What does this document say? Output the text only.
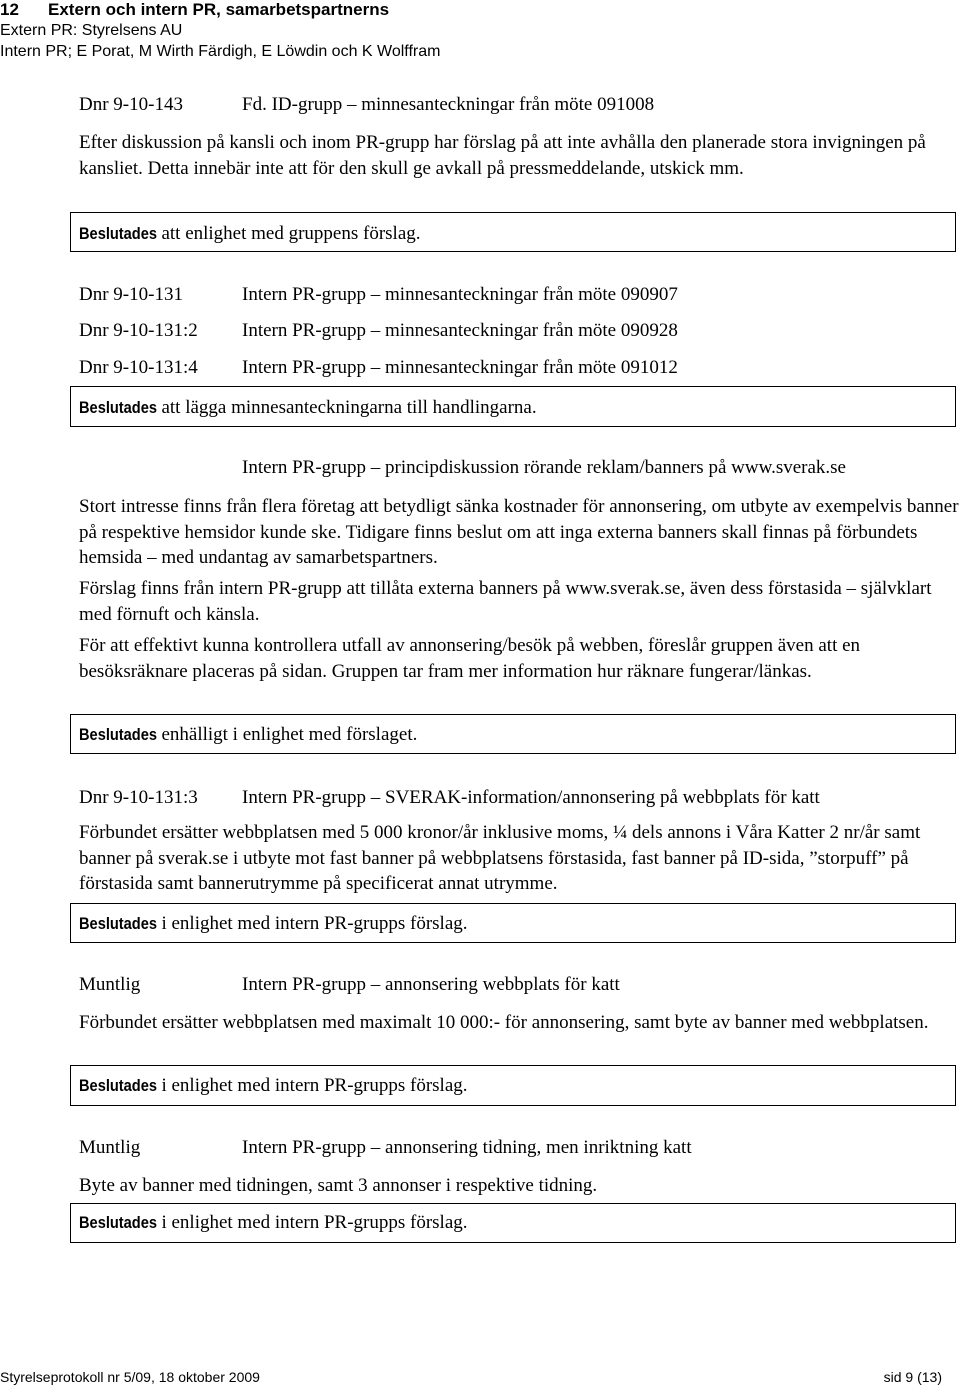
12 Extern och intern PR, samarbetspartnerns
Extern PR: Styrelsens AU
Intern PR; E Porat, M Wirth Färdigh, E Löwdin och K Wolffram
Dnr 9-10-143	Fd. ID-grupp – minnesanteckningar från möte 091008
Efter diskussion på kansli och inom PR-grupp har förslag på att inte avhålla den planerade stora invigningen på kansliet. Detta innebär inte att för den skull ge avkall på pressmeddelande, utskick mm.
Beslutades att enlighet med gruppens förslag.
Dnr 9-10-131	Intern PR-grupp – minnesanteckningar från möte 090907
Dnr 9-10-131:2 Intern PR-grupp – minnesanteckningar från möte 090928
Dnr 9-10-131:4 Intern PR-grupp – minnesanteckningar från möte 091012
Beslutades att lägga minnesanteckningarna till handlingarna.
Intern PR-grupp – principdiskussion rörande reklam/banners på www.sverak.se
Stort intresse finns från flera företag att betydligt sänka kostnader för annonsering, om utbyte av exempelvis banner på respektive hemsidor kunde ske. Tidigare finns beslut om att inga externa banners skall finnas på förbundets hemsida – med undantag av samarbetspartners.
Förslag finns från intern PR-grupp att tillåta externa banners på www.sverak.se, även dess förstasida – självklart med förnuft och känsla.
För att effektivt kunna kontrollera utfall av annonsering/besök på webben, föreslår gruppen även att en besöksräknare placeras på sidan. Gruppen tar fram mer information hur räknare fungerar/länkas.
Beslutades enhälligt i enlighet med förslaget.
Dnr 9-10-131:3 Intern PR-grupp – SVERAK-information/annonsering på webbplats för katt
Förbundet ersätter webbplatsen med 5 000 kronor/år inklusive moms, ¼ dels annons i Våra Katter 2 nr/år samt banner på sverak.se i utbyte mot fast banner på webbplatsens förstasida, fast banner på ID-sida, ”storpuff” på förstasida samt bannerutrymme på specificerat annat utrymme.
Beslutades i enlighet med intern PR-grupps förslag.
Muntlig	Intern PR-grupp – annonsering webbplats för katt
Förbundet ersätter webbplatsen med maximalt 10 000:- för annonsering, samt byte av banner med webbplatsen.
Beslutades i enlighet med intern PR-grupps förslag.
Muntlig	Intern PR-grupp – annonsering tidning, men inriktning katt
Byte av banner med tidningen, samt 3 annonser i respektive tidning.
Beslutades i enlighet med intern PR-grupps förslag.
Styrelseprotokoll nr 5/09, 18 oktober 2009	sid 9 (13)
